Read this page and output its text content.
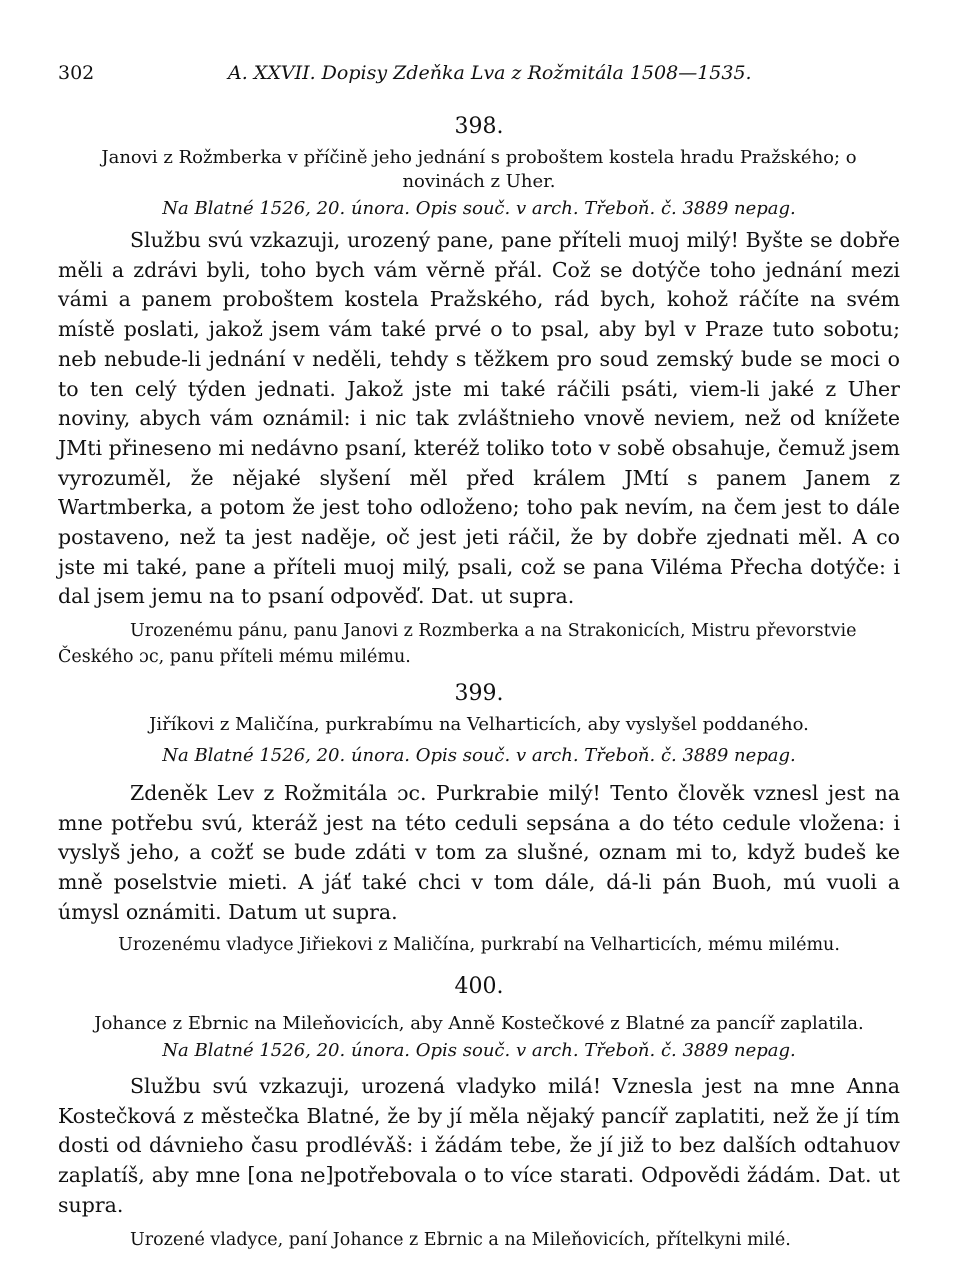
302	A. XXVII. Dopisy Zdeňka Lva z Rožmitála 1508—1535.
398.
Janovi z Rožmberka v příčině jeho jednání s proboštem kostela hradu Pražského; o novinách z Uher.
Na Blatné 1526, 20. února. Opis souč. v arch. Třeboň. č. 3889 nepag.

Službu svú vzkazuji, urozený pane, pane příteli muoj milý! Byšte se dobře měli a zdrávi byli, toho bych vám věrně přál. Což se dotýče toho jednání mezi vámi a panem proboštem kostela Pražského, rád bych, kohož ráčíte na svém místě poslati, jakož jsem vám také prvé o to psal, aby byl v Praze tuto sobotu; neb nebude-li jednání v neděli, tehdy s těžkem pro soud zemský bude se moci o to ten celý týden jednati. Jakož jste mi také ráčili psáti, viem-li jaké z Uher noviny, abych vám oznámil: i nic tak zvláštnieho vnově neviem, než od knížete JMti přineseno mi nedávno psaní, kteréž toliko toto v sobě obsahuje, čemuž jsem vyrozuměl, že nějaké slyšení měl před králem JMtí s panem Janem z Wartmberka, a potom že jest toho odloženo; toho pak nevím, na čem jest to dále postaveno, než ta jest naděje, oč jest jeti ráčil, že by dobře zjednati měl. A co jste mi také, pane a příteli muoj milý, psali, což se pana Viléma Přecha dotýče: i dal jsem jemu na to psaní odpověď. Dat. ut supra.

Urozenému pánu, panu Janovi z Rozmberka a na Strakonicích, Mistru převorstvie Českého ɔc, panu příteli mému milému.

399.
Jiříkovi z Maličína, purkrabímu na Velharticích, aby vyslyšel poddaného.
Na Blatné 1526, 20. února. Opis souč. v arch. Třeboň. č. 3889 nepag.

Zdeněk Lev z Rožmitála ɔc. Purkrabie milý! Tento člověk vznesl jest na mne potřebu svú, kteráž jest na této ceduli sepsána a do této cedule vložena: i vyslyš jeho, a cožť se bude zdáti v tom za slušné, oznam mi to, když budeš ke mně poselstvie mieti. A jáť také chci v tom dále, dá-li pán Buoh, mú vuoli a úmysl oznámiti. Datum ut supra.

Urozenému vladyce Jiřiekovi z Maličína, purkrabí na Velharticích, mému milému.

400.
Johance z Ebrnic na Mileňovicích, aby Anně Kostečkové z Blatné za pancíř zaplatila.
Na Blatné 1526, 20. února. Opis souč. v arch. Třeboň. č. 3889 nepag.

Službu svú vzkazuji, urozená vladyko milá! Vznesla jest na mne Anna Kostečková z městečka Blatné, že by jí měla nějaký pancíř zaplatiti, než že jí tím dosti od dávnieho času prodlévᴀ̌š: i žádám tebe, že jí již to bez dalších odtahuov zaplatíš, aby mne [ona ne]potřebovala o to více starati. Odpovědi žádám. Dat. ut supra.

Urozené vladyce, paní Johance z Ebrnic a na Mileňovicích, přítelkyni milé.
